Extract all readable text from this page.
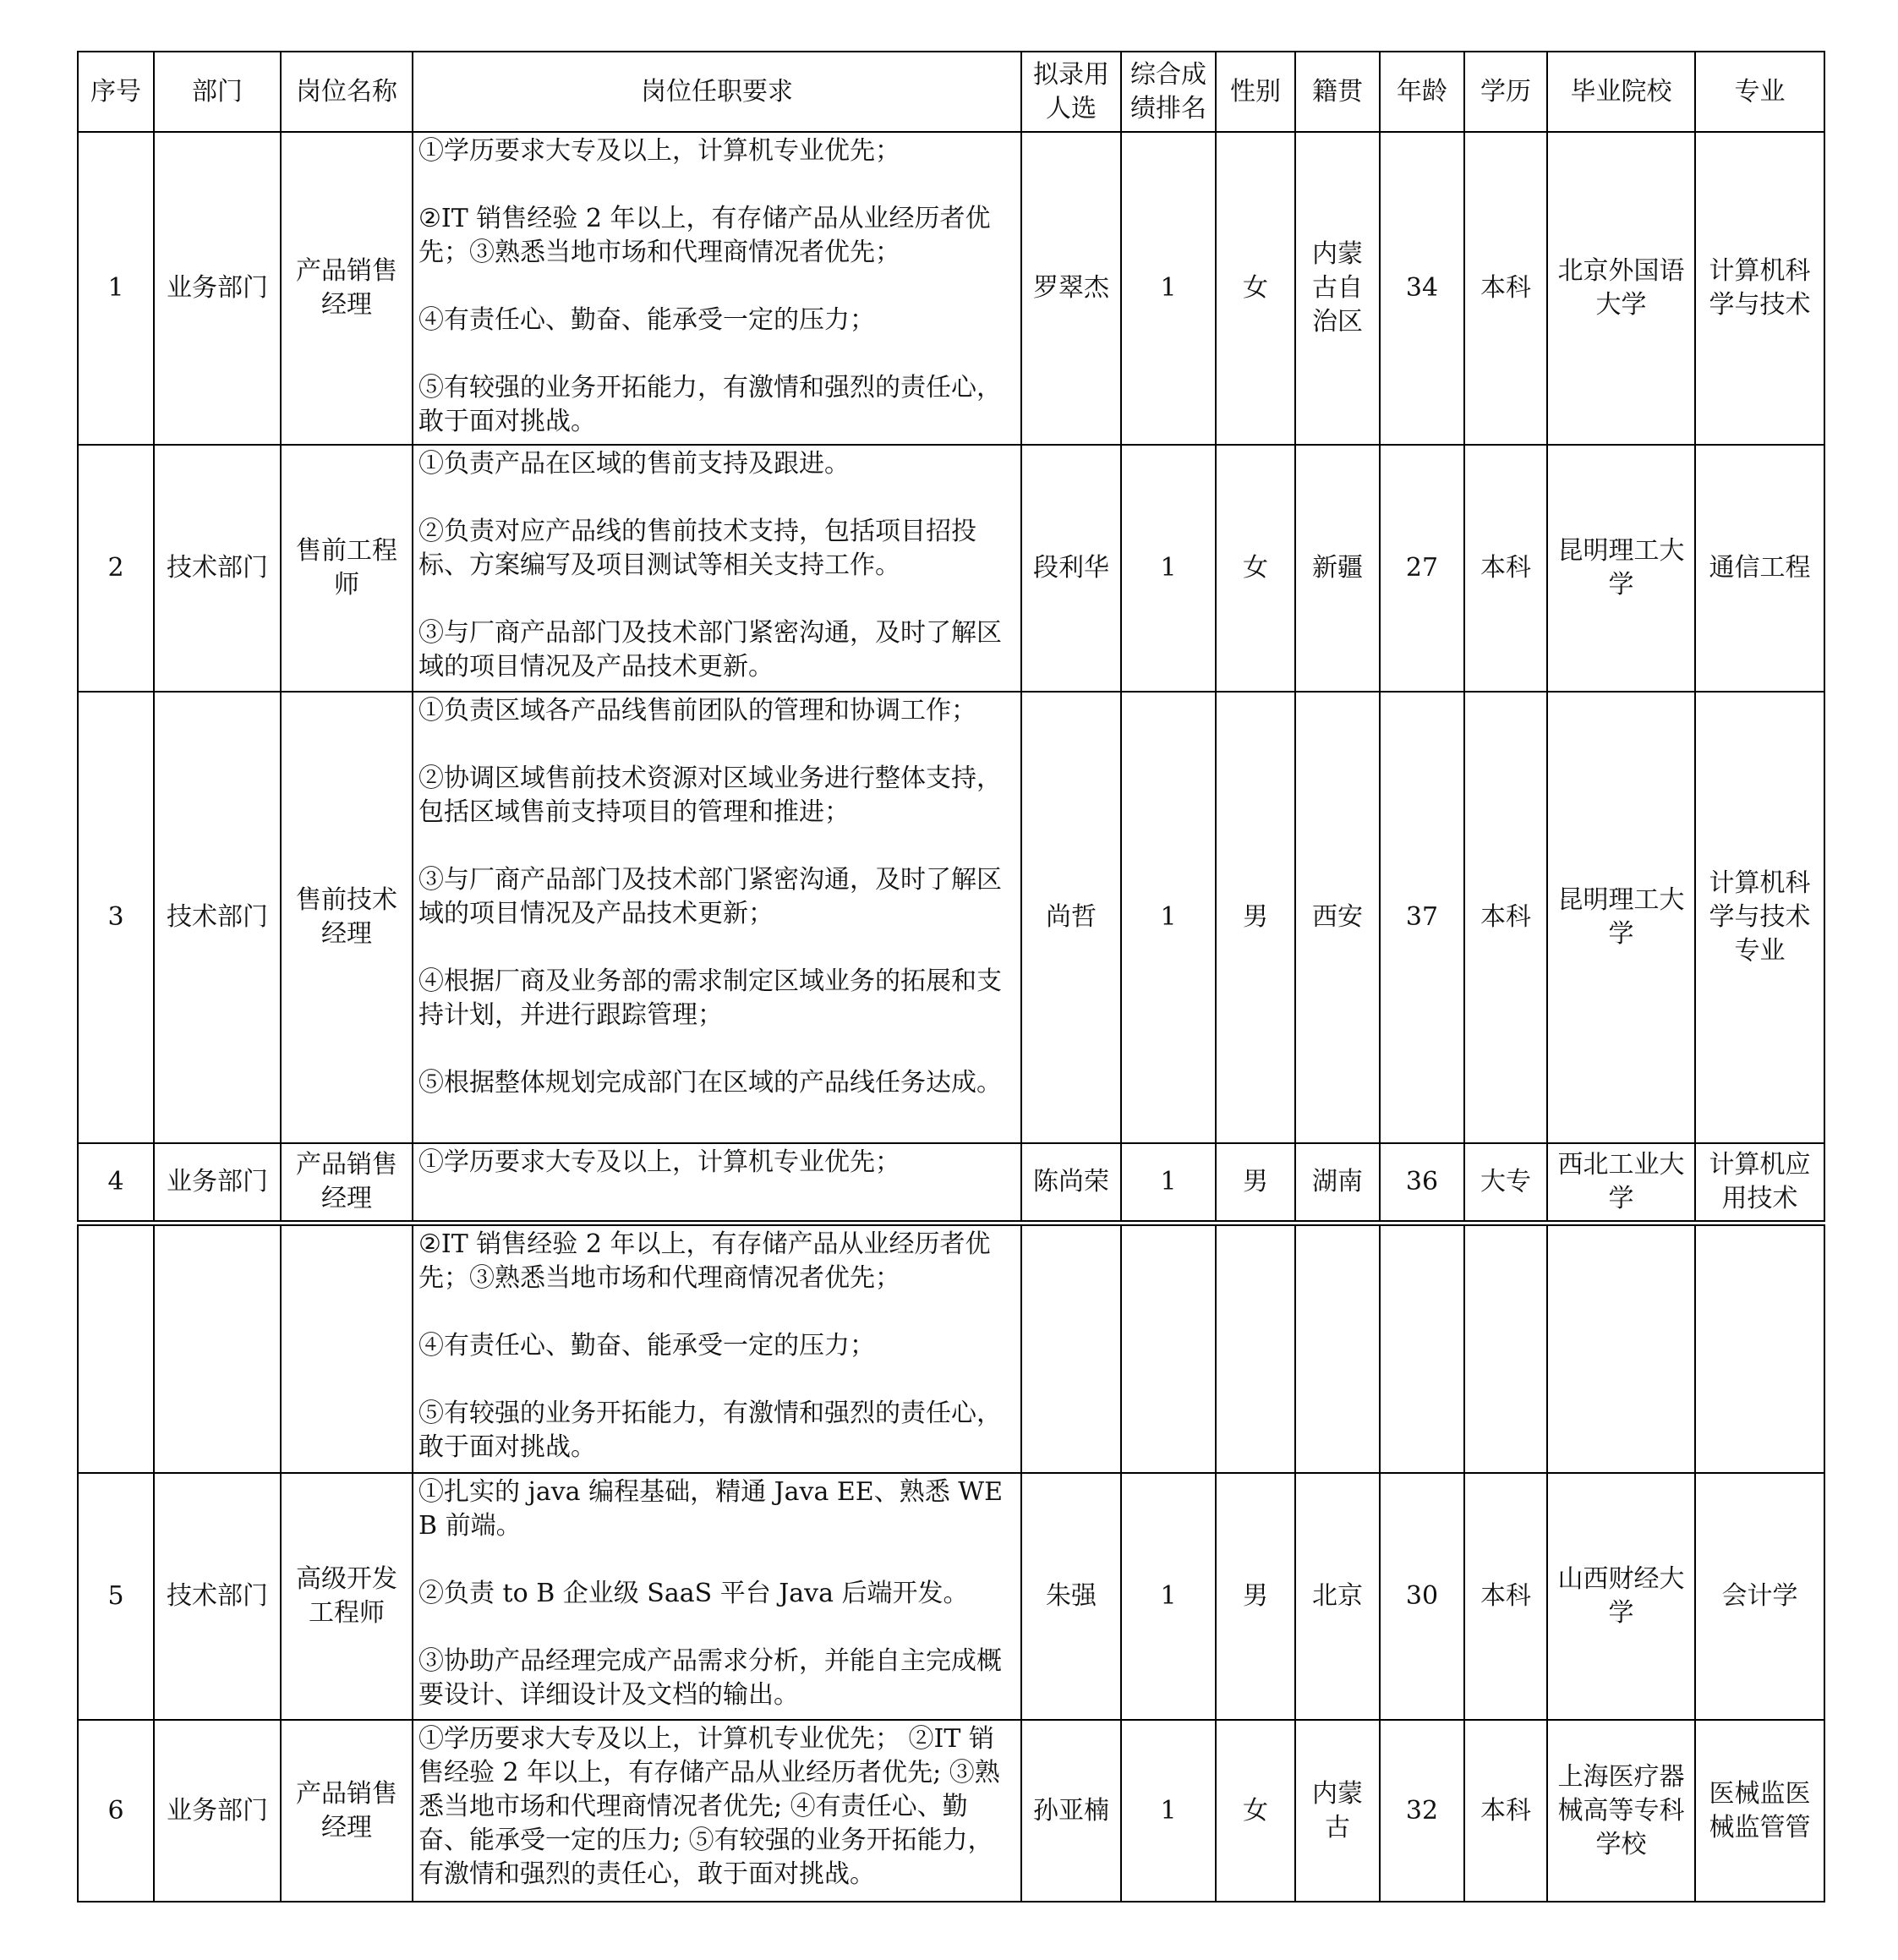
序号	部门	岗位名称	岗位任职要求	拟录用人选	综合成绩排名	性别	籍贯	年龄	学历	毕业院校	专业
1	业务部门	产品销售经理	①学历要求大专及以上，计算机专业优先；

②IT 销售经验 2 年以上，有存储产品从业经历者优先；③熟悉当地市场和代理商情况者优先；

④有责任心、勤奋、能承受一定的压力；

⑤有较强的业务开拓能力，有激情和强烈的责任心，敢于面对挑战。	罗翠杰	1	女	内蒙古自治区	34	本科	北京外国语大学	计算机科学与技术
2	技术部门	售前工程师	①负责产品在区域的售前支持及跟进。

②负责对应产品线的售前技术支持，包括项目招投标、方案编写及项目测试等相关支持工作。

③与厂商产品部门及技术部门紧密沟通，及时了解区域的项目情况及产品技术更新。	段利华	1	女	新疆	27	本科	昆明理工大学	通信工程
3	技术部门	售前技术经理	①负责区域各产品线售前团队的管理和协调工作；

②协调区域售前技术资源对区域业务进行整体支持，包括区域售前支持项目的管理和推进；

③与厂商产品部门及技术部门紧密沟通，及时了解区域的项目情况及产品技术更新；

④根据厂商及业务部的需求制定区域业务的拓展和支持计划，并进行跟踪管理；

⑤根据整体规划完成部门在区域的产品线任务达成。	尚哲	1	男	西安	37	本科	昆明理工大学	计算机科学与技术专业
4	业务部门	产品销售经理	①学历要求大专及以上，计算机专业优先；	陈尚荣	1	男	湖南	36	大专	西北工业大学	计算机应用技术

			②IT 销售经验 2 年以上，有存储产品从业经历者优先；③熟悉当地市场和代理商情况者优先；

④有责任心、勤奋、能承受一定的压力；

⑤有较强的业务开拓能力，有激情和强烈的责任心，敢于面对挑战。								

5	技术部门	高级开发工程师	①扎实的 java 编程基础，精通 Java EE、熟悉 WEB 前端。

②负责 to B 企业级 SaaS 平台 Java 后端开发。

③协助产品经理完成产品需求分析，并能自主完成概要设计、详细设计及文档的输出。	朱强	1	男	北京	30	本科	山西财经大学	会计学
6	业务部门	产品销售经理	①学历要求大专及以上，计算机专业优先； ②IT 销售经验 2 年以上，有存储产品从业经历者优先; ③熟悉当地市场和代理商情况者优先; ④有责任心、勤奋、能承受一定的压力; ⑤有较强的业务开拓能力，有激情和强烈的责任心，敢于面对挑战。	孙亚楠	1	女	内蒙古	32	本科	上海医疗器械高等专科学校	医械监医械监管管
